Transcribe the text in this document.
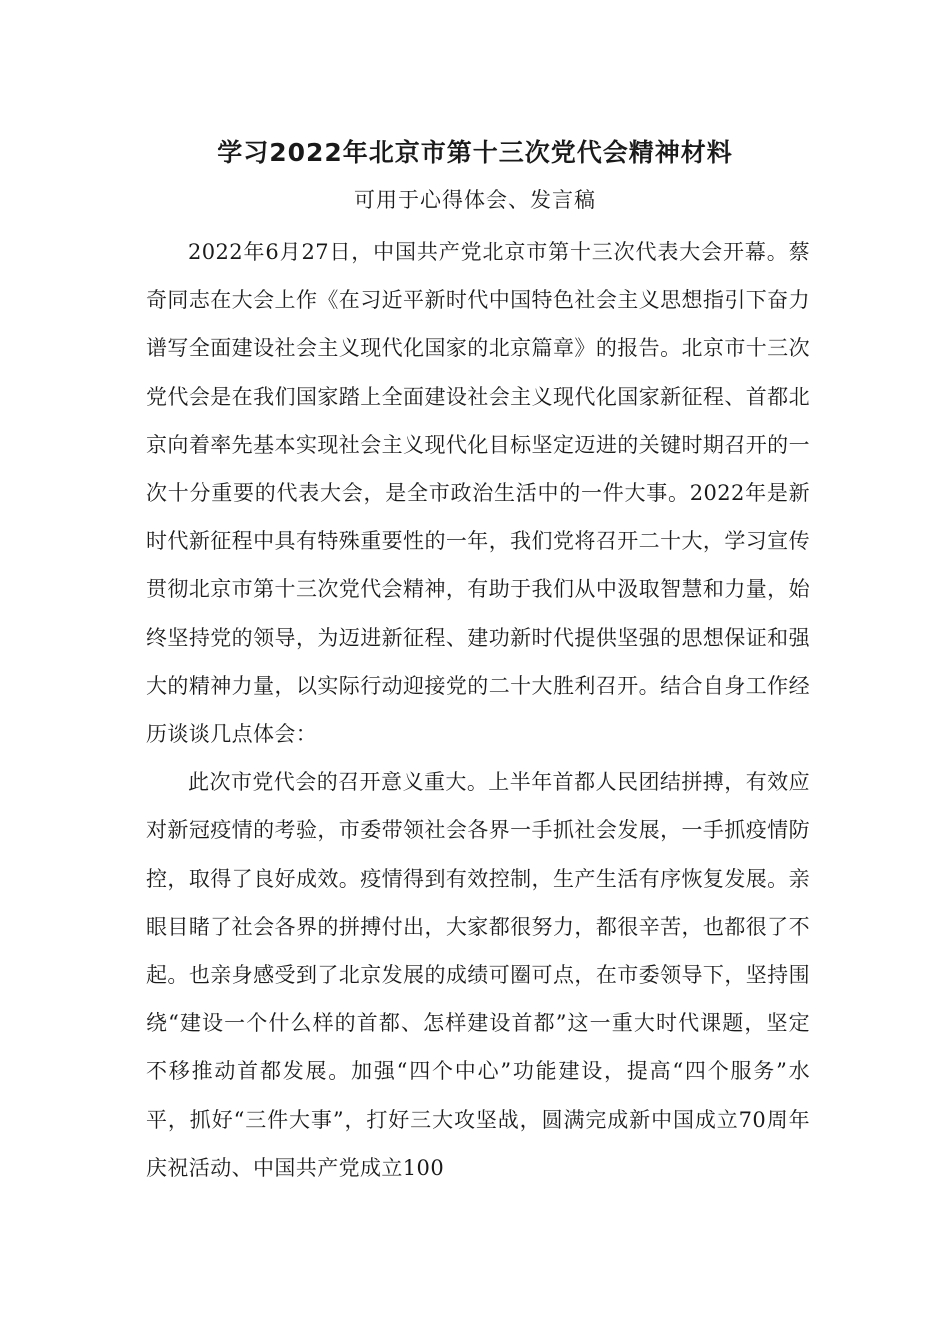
学习2022年北京市第十三次党代会精神材料
可用于心得体会、发言稿

2022年6月27日，中国共产党北京市第十三次代表大会开幕。蔡奇同志在大会上作《在习近平新时代中国特色社会主义思想指引下奋力谱写全面建设社会主义现代化国家的北京篇章》的报告。北京市十三次党代会是在我们国家踏上全面建设社会主义现代化国家新征程、首都北京向着率先基本实现社会主义现代化目标坚定迈进的关键时期召开的一次十分重要的代表大会，是全市政治生活中的一件大事。2022年是新时代新征程中具有特殊重要性的一年，我们党将召开二十大，学习宣传贯彻北京市第十三次党代会精神，有助于我们从中汲取智慧和力量，始终坚持党的领导，为迈进新征程、建功新时代提供坚强的思想保证和强大的精神力量，以实际行动迎接党的二十大胜利召开。结合自身工作经历谈谈几点体会：

此次市党代会的召开意义重大。上半年首都人民团结拼搏，有效应对新冠疫情的考验，市委带领社会各界一手抓社会发展，一手抓疫情防控，取得了良好成效。疫情得到有效控制，生产生活有序恢复发展。亲眼目睹了社会各界的拼搏付出，大家都很努力，都很辛苦，也都很了不起。也亲身感受到了北京发展的成绩可圈可点，在市委领导下，坚持围绕“建设一个什么样的首都、怎样建设首都”这一重大时代课题，坚定不移推动首都发展。加强“四个中心”功能建设，提高“四个服务”水平，抓好“三件大事”，打好三大攻坚战，圆满完成新中国成立70周年庆祝活动、中国共产党成立100
